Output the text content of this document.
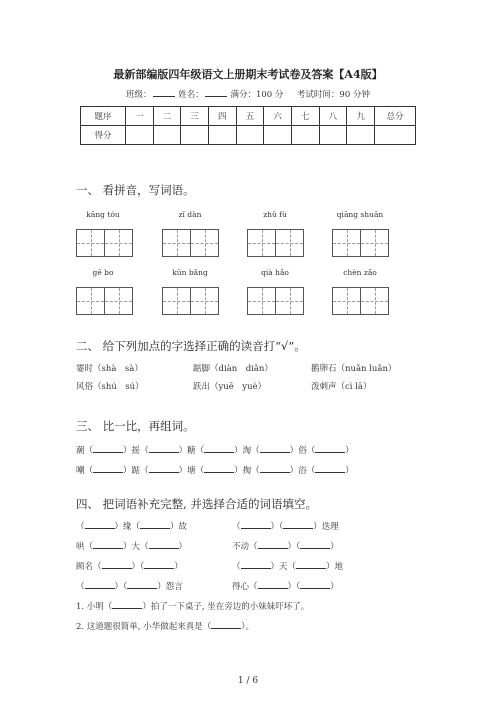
最新部编版四年级语文上册期末考试卷及答案【A4版】
班级：	姓名：	满分：100 分 考试时间：90 分钟
题序	一	二	三	四	五	六	七	八	九	总分
得分										
一、 看拼音，写词语。
kāng tóu	zǐ dàn	zhǔ fù	qiāng shuān
gē bo	kǔn bǎng	qià hǎo	chèn zǎo
二、 给下列加点的字选择正确的读音打“√”。
霎时（shà　sà）	踮脚（diàn　diǎn）	鹅卵石（nuǎn luǎn）
风俗（shú　sú）	跃出（yuē　yuè）	泼刺声（cì lā）
三、 比一比，再组词。
潮（	）摇（	）糖（	）淘（	）俗（	）
嘲（	）踮（	）塘（	）掏（	）浴（	）
四、 把词语补充完整, 并选择合适的词语填空。
（	）缘（	）故	（	）（	）迭理
哄（	）大（	）	不动（	）（	）
顾名（	）（	）	（	）天（	）地
（	）（	）怨言	得心（	）（	）
1. 小明（	）拍了一下桌子, 坐在旁边的小妹妹吓坏了。
2. 这道题很简单, 小华做起来真是（	）。
1 / 6
